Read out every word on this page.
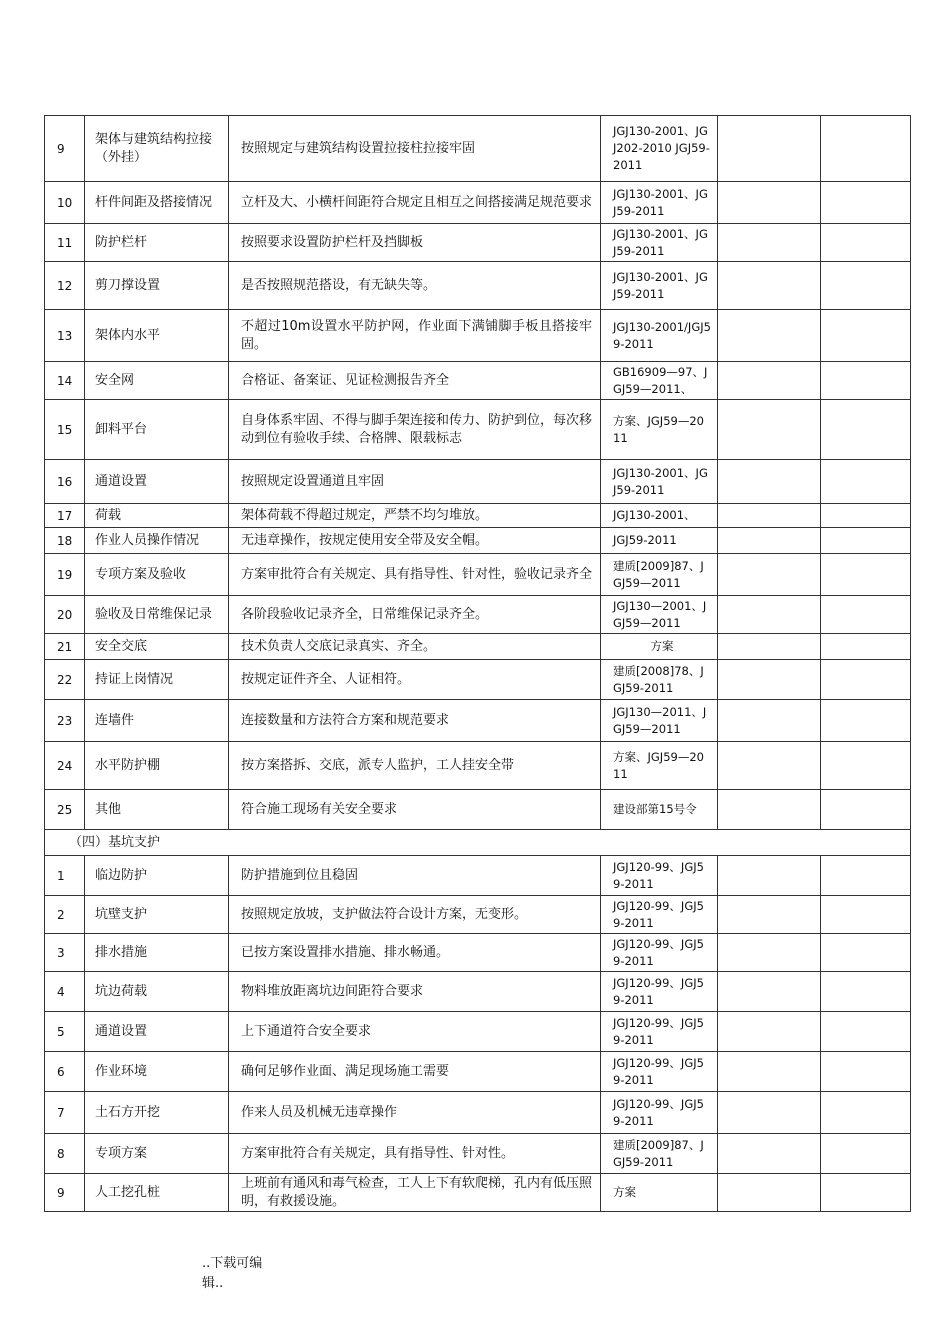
9	架体与建筑结构拉接（外挂）	按照规定与建筑结构设置拉接柱拉接牢固	JGJ130-2001、JGJ202-2010 JGJ59-2011		
10	杆件间距及搭接情况	立杆及大、小横杆间距符合规定且相互之间搭接满足规范要求	JGJ130-2001、JGJ59-2011		
11	防护栏杆	按照要求设置防护栏杆及挡脚板	JGJ130-2001、JGJ59-2011		
12	剪刀撑设置	是否按照规范搭设，有无缺失等。	JGJ130-2001、JGJ59-2011		
13	架体内水平	不超过10m设置水平防护网，作业面下满铺脚手板且搭接牢固。	JGJ130-2001/JGJ59-2011		
14	安全网	合格证、备案证、见证检测报告齐全	GB16909—97、JGJ59—2011、		
15	卸料平台	自身体系牢固、不得与脚手架连接和传力、防护到位，每次移动到位有验收手续、合格牌、限载标志	方案、JGJ59—2011		
16	通道设置	按照规定设置通道且牢固	JGJ130-2001、JGJ59-2011		
17	荷载	架体荷载不得超过规定，严禁不均匀堆放。	JGJ130-2001、		
18	作业人员操作情况	无违章操作，按规定使用安全带及安全帽。	JGJ59-2011		
19	专项方案及验收	方案审批符合有关规定、具有指导性、针对性，验收记录齐全	建质[2009]87、JGJ59—2011		
20	验收及日常维保记录	各阶段验收记录齐全，日常维保记录齐全。	JGJ130—2001、JGJ59—2011		
21	安全交底	技术负责人交底记录真实、齐全。	方案		
22	持证上岗情况	按规定证件齐全、人证相符。	建质[2008]78、JGJ59-2011		
23	连墙件	连接数量和方法符合方案和规范要求	JGJ130—2011、JGJ59—2011		
24	水平防护棚	按方案搭拆、交底，派专人监护，工人挂安全带	方案、JGJ59—2011		
25	其他	符合施工现场有关安全要求	建设部第15号令		
（四）基坑支护					
1	临边防护	防护措施到位且稳固	JGJ120-99、JGJ59-2011		
2	坑壁支护	按照规定放坡，支护做法符合设计方案，无变形。	JGJ120-99、JGJ59-2011		
3	排水措施	已按方案设置排水措施、排水畅通。	JGJ120-99、JGJ59-2011		
4	坑边荷载	物料堆放距离坑边间距符合要求	JGJ120-99、JGJ59-2011		
5	通道设置	上下通道符合安全要求	JGJ120-99、JGJ59-2011		
6	作业环境	确何足够作业面、满足现场施工需要	JGJ120-99、JGJ59-2011		
7	土石方开挖	作来人员及机械无违章操作	JGJ120-99、JGJ59-2011		
8	专项方案	方案审批符合有关规定，具有指导性、针对性。	建质[2009]87、JGJ59-2011		
9	人工挖孔桩	上班前有通风和毒气检查，工人上下有软爬梯，孔内有低压照明，有救援设施。	方案		
..下载可编辑..
